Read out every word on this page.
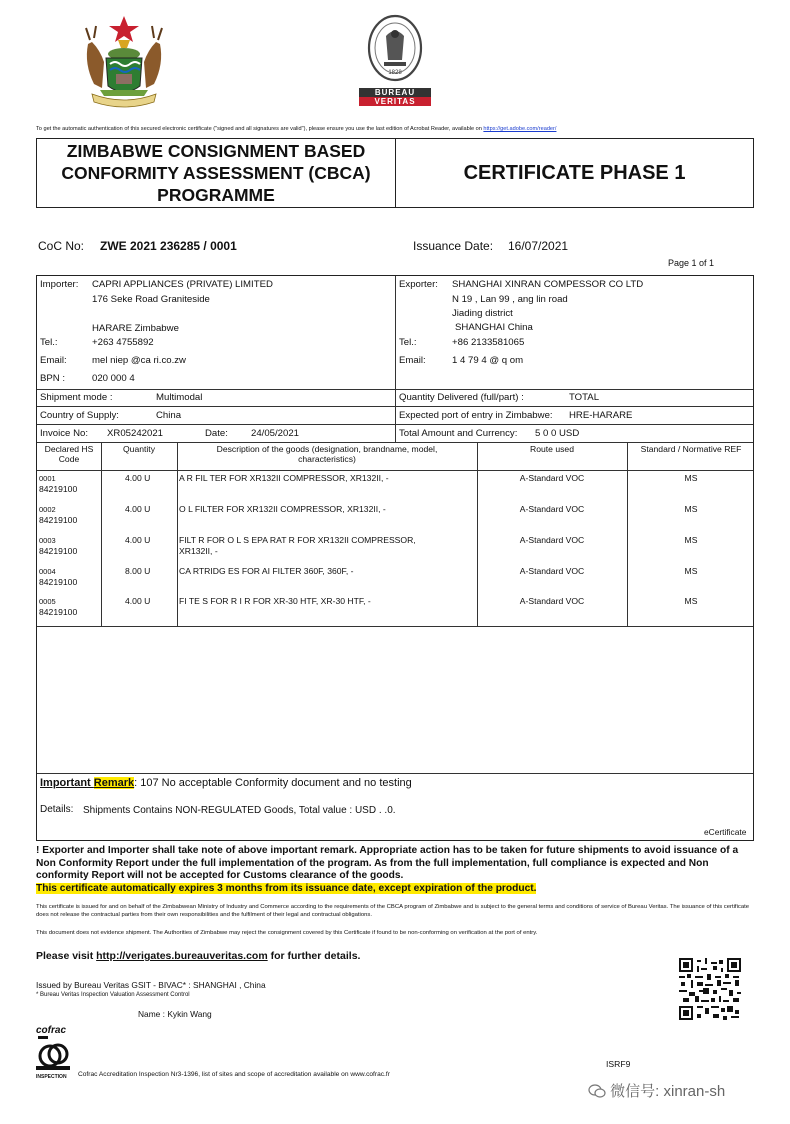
1828
BUREAU
VERITAS
To get the automatic authentication of this secured electronic certificate ("signed and all signatures are valid"), please ensure you use the last edition of Acrobat Reader, available on https://get.adobe.com/reader/
ZIMBABWE CONSIGNMENT BASED CONFORMITY ASSESSMENT (CBCA) PROGRAMME
CERTIFICATE PHASE 1
CoC No: ZWE 2021 236285 / 0001	Issuance Date: 16/07/2021
Page 1 of 1
Importer: CAPRI APPLIANCES (PRIVATE) LIMITED
176 Seke Road Graniteside
HARARE Zimbabwe
Tel.:	+263 4755892
Email:	mel niep @ca ri.co.zw
BPN :	020 000 4
Exporter: SHANGHAI XINRAN COMPESSOR CO LTD
N 19 , Lan 99 , ang lin road
Jiading district
SHANGHAI China
Tel.:	+86 2133581065
Email:	1 4 79 4 @ q om
Shipment mode :	Multimodal	Quantity Delivered (full/part) :	TOTAL
Country of Supply:	China	Expected port of entry in Zimbabwe: HRE-HARARE
Invoice No: XR05242021	Date: 24/05/2021	Total Amount and Currency: 5 0 0 USD
Declared HS Code
Quantity	Description of the goods (designation, brandname, model, characteristics)
Route used	Standard / Normative REF
0001
84219100
4.00 U	A R FIL TER FOR XR132II COMPRESSOR, XR132II, -	A-Standard VOC	MS
0002
84219100
4.00 U	O L FILTER FOR XR132II COMPRESSOR, XR132II, -	A-Standard VOC	MS
0003
84219100
4.00 U	FILT R FOR O L S EPA RAT R FOR XR132II COMPRESSOR, XR132II, -
A-Standard VOC	MS
0004
84219100
8.00 U	CA RTRIDG ES FOR AI FILTER 360F, 360F, -	A-Standard VOC	MS
0005
84219100
4.00 U	FI TE S FOR R I R FOR XR-30 HTF, XR-30 HTF, -	A-Standard VOC	MS
Important Remark: 107 No acceptable Conformity document and no testing
Details: Shipments Contains NON-REGULATED Goods, Total value : USD . .0.
eCertificate
! Exporter and Importer shall take note of above important remark. Appropriate action has to be taken for future shipments to avoid issuance of a Non Conformity Report under the full implementation of the program. As from the full implementation, full compliance is expected and Non conformity Report will not be accepted for Customs clearance of the goods.
This certificate automatically expires 3 months from its issuance date, except expiration of the product.
This certificate is issued for and on behalf of the Zimbabwean Ministry of Industry and Commerce according to the requirements of the CBCA program of Zimbabwe and is subject to the general terms and conditions of service of Bureau Veritas. The issuance of this certificate does not release the contractual parties from their own responsibilities and the fulfilment of their legal and contractual obligations.
This document does not evidence shipment. The Authorities of Zimbabwe may reject the consignment covered by this Certificate if found to be non-conforming on verification at the port of entry.
Please visit http://verigates.bureauveritas.com for further details.
Issued by Bureau Veritas GSIT - BIVAC* : SHANGHAI , China
* Bureau Veritas Inspection Valuation Assessment Control
Name : Kykin Wang
cofrac
INSPECTION	Cofrac Accreditation Inspection Nr3-1396, list of sites and scope of accreditation available on www.cofrac.fr
ISRF9
微信号: xinran-sh
